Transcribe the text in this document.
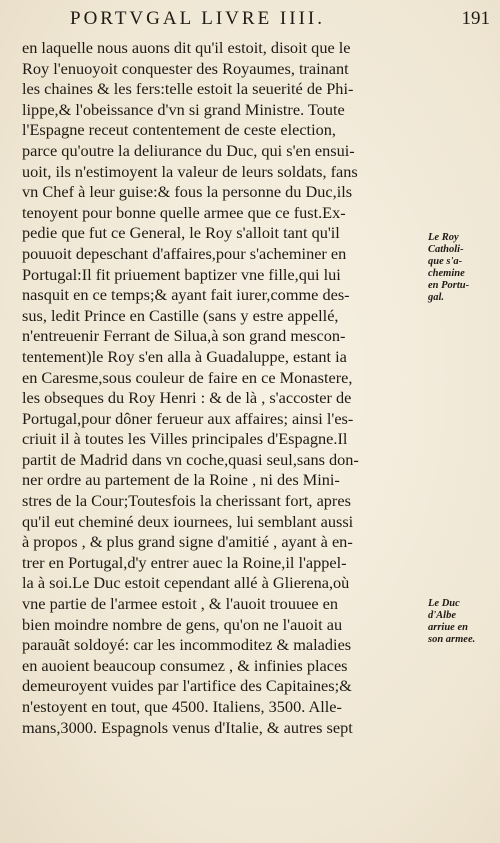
PORTVGAL LIVRE IIII.	191
en laquelle nous auons dit qu'il estoit, disoit que le
Roy l'enuoyoit conquester des Royaumes, trainant
les chaines & les fers:telle estoit la seuerité de Phi-
lippe,& l'obeissance d'vn si grand Ministre. Toute
l'Espagne receut contentement de ceste election,
parce qu'outre la deliurance du Duc, qui s'en ensui-
uoit, ils n'estimoyent la valeur de leurs soldats, fans
vn Chef à leur guise:& fous la personne du Duc,ils
tenoyent pour bonne quelle armee que ce fust.Ex-
pedie que fut ce General, le Roy s'alloit tant qu'il
pouuoit depeschant d'affaires,pour s'acheminer en
Portugal:Il fit priuement baptizer vne fille,qui lui
nasquit en ce temps;& ayant fait iurer,comme des-
sus, ledit Prince en Castille (sans y estre appellé,
n'entreuenir Ferrant de Silua,à son grand mescon-
tentement)le Roy s'en alla à Guadaluppe, estant ia
en Caresme,sous couleur de faire en ce Monastere,
les obseques du Roy Henri : & de là , s'accoster de
Portugal,pour dôner ferueur aux affaires; ainsi l'es-
criuit il à toutes les Villes principales d'Espagne.Il
partit de Madrid dans vn coche,quasi seul,sans don-
ner ordre au partement de la Roine , ni des Mini-
stres de la Cour;Toutesfois la cherissant fort, apres
qu'il eut cheminé deux iournees, lui semblant aussi
à propos , & plus grand signe d'amitié , ayant à en-
trer en Portugal,d'y entrer auec la Roine,il l'appel-
la à soi.Le Duc estoit cependant allé à Glierena,où
vne partie de l'armee estoit , & l'auoit trouuee en
bien moindre nombre de gens, qu'on ne l'auoit au
parauãt soldoyé: car les incommoditez & maladies
en auoient beaucoup consumez , & infinies places
demeuroyent vuides par l'artifice des Capitaines;&
n'estoyent en tout, que 4500. Italiens, 3500. Alle-
mans,3000. Espagnols venus d'Italie, & autres sept
Le Roy
Catholi-
que s'a-
chemine
en Portu-
gal.
Le Duc
d'Albe
arriue en
son armee.
